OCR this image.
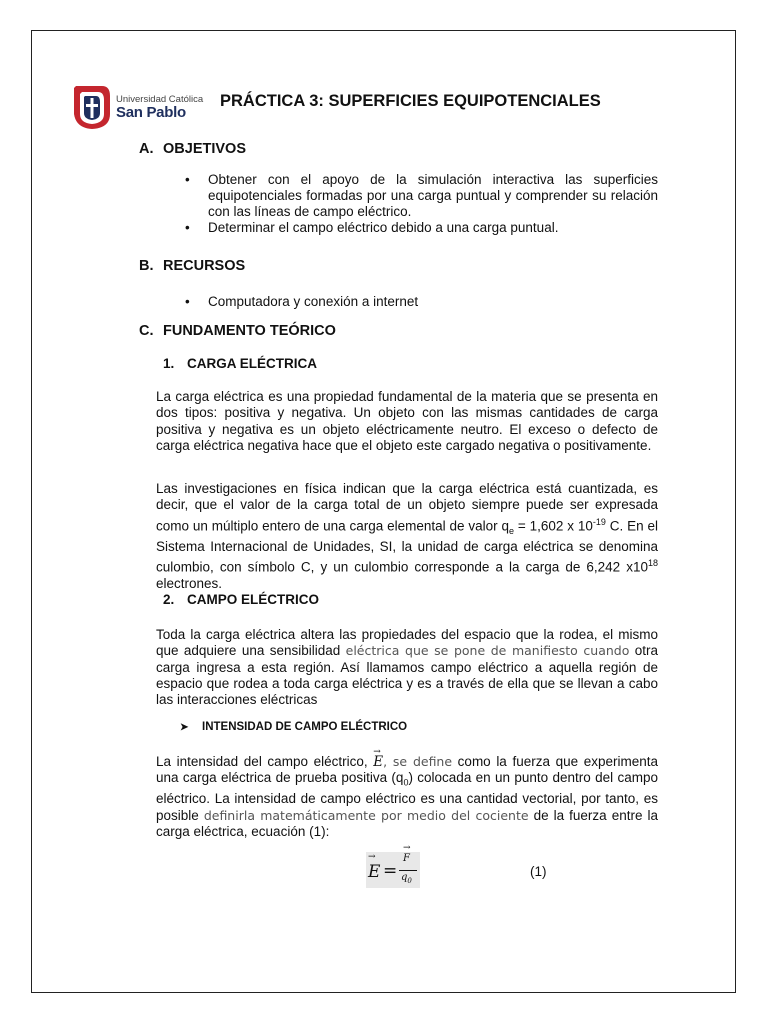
Universidad Católica
San Pablo
PRÁCTICA 3: SUPERFICIES EQUIPOTENCIALES
A. OBJETIVOS
• Obtener con el apoyo de la simulación interactiva las superficies equipotenciales formadas por una carga puntual y comprender su relación con las líneas de campo eléctrico.
• Determinar el campo eléctrico debido a una carga puntual.
B. RECURSOS
• Computadora y conexión a internet
C. FUNDAMENTO TEÓRICO
1. CARGA ELÉCTRICA

La carga eléctrica es una propiedad fundamental de la materia que se presenta en dos tipos: positiva y negativa. Un objeto con las mismas cantidades de carga positiva y negativa es un objeto eléctricamente neutro. El exceso o defecto de carga eléctrica negativa hace que el objeto este cargado negativa o positivamente.

Las investigaciones en física indican que la carga eléctrica está cuantizada, es decir, que el valor de la carga total de un objeto siempre puede ser expresada como un múltiplo entero de una carga elemental de valor $q_e = 1,602$ x $10^{-19}$ C. En el Sistema Internacional de Unidades, SI, la unidad de carga eléctrica se denomina culombio, con símbolo C, y un culombio corresponde a la carga de 6,242 $x10^{18}$ electrones.

2. CAMPO ELÉCTRICO

Toda la carga eléctrica altera las propiedades del espacio que la rodea, el mismo que adquiere una sensibilidad eléctrica que se pone de manifiesto cuando otra carga ingresa a esta región. Así llamamos campo eléctrico a aquella región de espacio que rodea a toda carga eléctrica y es a través de ella que se llevan a cabo las interacciones eléctricas

➤ INTENSIDAD DE CAMPO ELÉCTRICO

La intensidad del campo eléctrico, → E, se define como la fuerza que experimenta una carga eléctrica de prueba positiva $(q_0)$ colocada en un punto dentro del campo eléctrico. La intensidad de campo eléctrico es una cantidad vectorial, por tanto, es posible definirla matemáticamente por medio del cociente de la fuerza entre la carga eléctrica, ecuación (1):

→ E =
→ F
$q_0$
(1)
